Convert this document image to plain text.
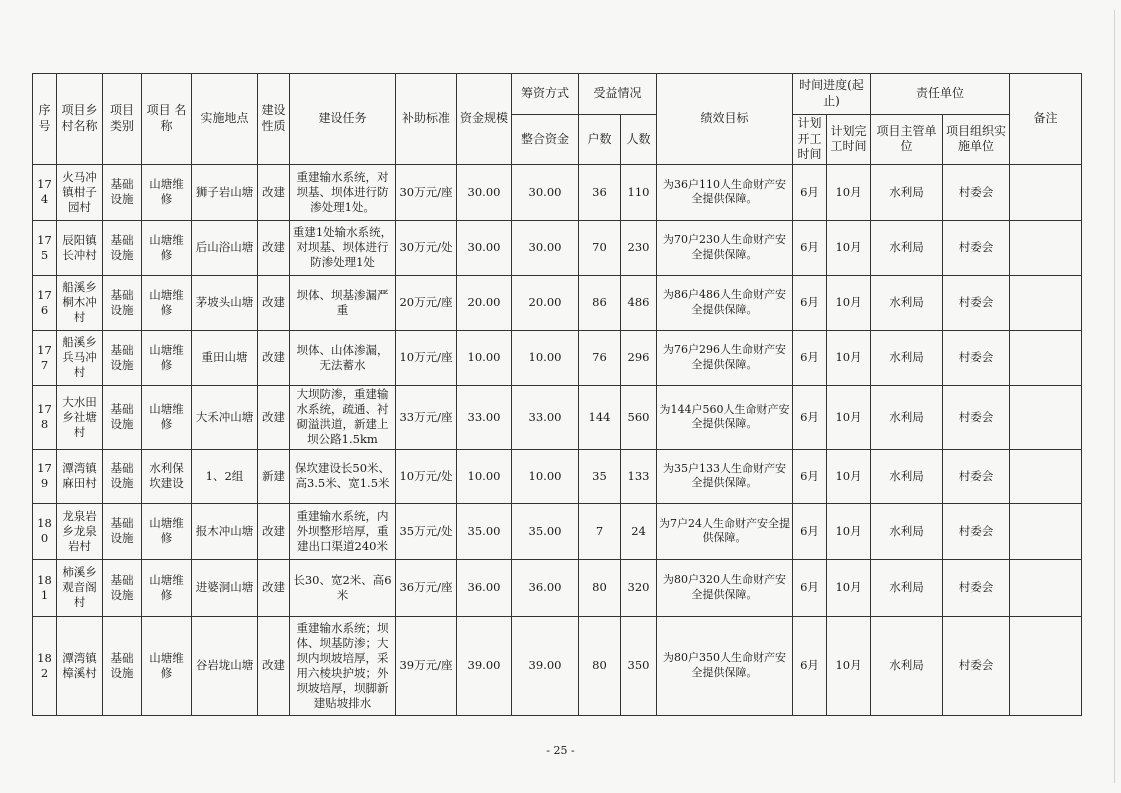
序号	项目乡村名称	项目类别	项目 名称	实施地点	建设性质	建设任务	补助标准	资金规模	筹资方式	受益情况		绩效目标	时间进度(起止)		责任单位		备注
									整合资金	户数	人数		计划开工时间	计划完工时间	项目主管单位	项目组织实施单位	
174	火马冲镇柑子园村	基础设施	山塘维修	狮子岩山塘	改建	重建输水系统，对坝基、坝体进行防渗处理1处。	30万元/座	30.00	30.00	36	110	为36户110人生命财产安全提供保障。	6月	10月	水利局	村委会	
175	辰阳镇长冲村	基础设施	山塘维修	后山浴山塘	改建	重建1处输水系统，对坝基、坝体进行防渗处理1处	30万元/处	30.00	30.00	70	230	为70户230人生命财产安全提供保障。	6月	10月	水利局	村委会	
176	船溪乡桐木冲村	基础设施	山塘维修	茅坡头山塘	改建	坝体、坝基渗漏严重	20万元/座	20.00	20.00	86	486	为86户486人生命财产安全提供保障。	6月	10月	水利局	村委会	
177	船溪乡兵马冲村	基础设施	山塘维修	重田山塘	改建	坝体、山体渗漏，无法蓄水	10万元/座	10.00	10.00	76	296	为76户296人生命财产安全提供保障。	6月	10月	水利局	村委会	
178	大水田乡社塘村	基础设施	山塘维修	大禾冲山塘	改建	大坝防渗，重建输水系统，疏通、衬砌溢洪道，新建上坝公路1.5km	33万元/座	33.00	33.00	144	560	为144户560人生命财产安全提供保障。	6月	10月	水利局	村委会	
179	潭湾镇麻田村	基础设施	水利保坎建设	1、2组	新建	保坎建设长50米、高3.5米、宽1.5米	10万元/处	10.00	10.00	35	133	为35户133人生命财产安全提供保障。	6月	10月	水利局	村委会	
180	龙泉岩乡龙泉岩村	基础设施	山塘维修	报木冲山塘	改建	重建输水系统，内外坝整形培厚，重建出口渠道240米	35万元/处	35.00	35.00	7	24	为7户24人生命财产安全提供保障。	6月	10月	水利局	村委会	
181	柿溪乡观音阁村	基础设施	山塘维修	进婆洞山塘	改建	长30、宽2米、高6米	36万元/座	36.00	36.00	80	320	为80户320人生命财产安全提供保障。	6月	10月	水利局	村委会	
182	潭湾镇樟溪村	基础设施	山塘维修	谷岩垅山塘	改建	重建输水系统；坝体、坝基防渗；大坝内坝坡培厚，采用六棱块护坡；外坝坡培厚，坝脚新建贴坡排水	39万元/座	39.00	39.00	80	350	为80户350人生命财产安全提供保障。	6月	10月	水利局	村委会	
- 25 -
